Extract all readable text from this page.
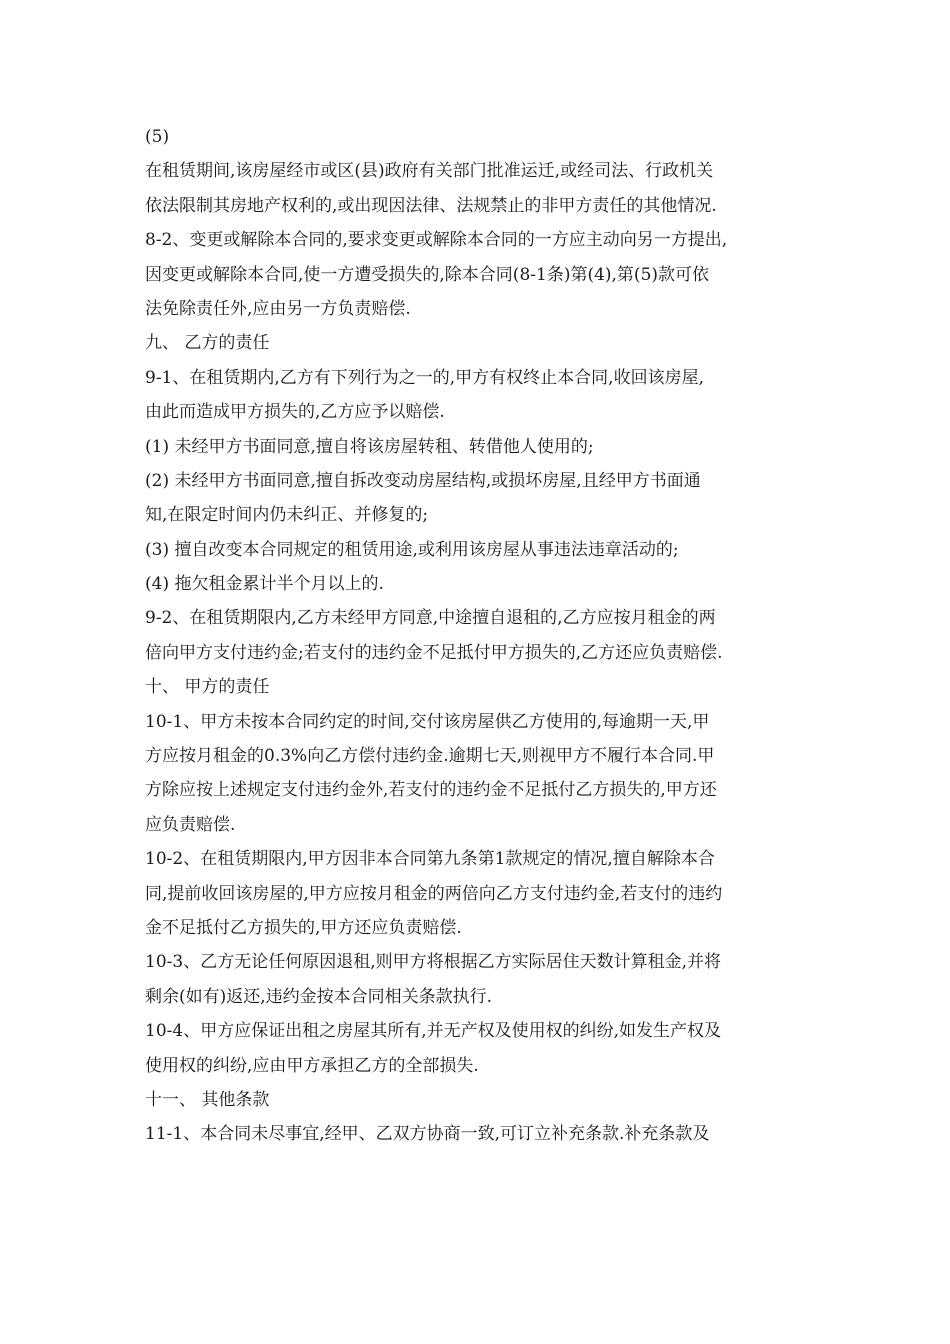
(5)
在租赁期间,该房屋经市或区(县)政府有关部门批准运迁,或经司法、行政机关
依法限制其房地产权利的,或出现因法律、法规禁止的非甲方责任的其他情况.
8-2、变更或解除本合同的,要求变更或解除本合同的一方应主动向另一方提出,
因变更或解除本合同,使一方遭受损失的,除本合同(8-1条)第(4),第(5)款可依
法免除责任外,应由另一方负责赔偿.
九、 乙方的责任
9-1、在租赁期内,乙方有下列行为之一的,甲方有权终止本合同,收回该房屋,
由此而造成甲方损失的,乙方应予以赔偿.
(1) 未经甲方书面同意,擅自将该房屋转租、转借他人使用的;
(2) 未经甲方书面同意,擅自拆改变动房屋结构,或损坏房屋,且经甲方书面通
知,在限定时间内仍未纠正、并修复的;
(3) 擅自改变本合同规定的租赁用途,或利用该房屋从事违法违章活动的;
(4) 拖欠租金累计半个月以上的.
9-2、在租赁期限内,乙方未经甲方同意,中途擅自退租的,乙方应按月租金的两
倍向甲方支付违约金;若支付的违约金不足抵付甲方损失的,乙方还应负责赔偿.
十、 甲方的责任
10-1、甲方未按本合同约定的时间,交付该房屋供乙方使用的,每逾期一天,甲
方应按月租金的0.3%向乙方偿付违约金.逾期七天,则视甲方不履行本合同.甲
方除应按上述规定支付违约金外,若支付的违约金不足抵付乙方损失的,甲方还
应负责赔偿.
10-2、在租赁期限内,甲方因非本合同第九条第1款规定的情况,擅自解除本合
同,提前收回该房屋的,甲方应按月租金的两倍向乙方支付违约金,若支付的违约
金不足抵付乙方损失的,甲方还应负责赔偿.
10-3、乙方无论任何原因退租,则甲方将根据乙方实际居住天数计算租金,并将
剩余(如有)返还,违约金按本合同相关条款执行.
10-4、甲方应保证出租之房屋其所有,并无产权及使用权的纠纷,如发生产权及
使用权的纠纷,应由甲方承担乙方的全部损失.
十一、 其他条款
11-1、本合同未尽事宜,经甲、乙双方协商一致,可订立补充条款.补充条款及
